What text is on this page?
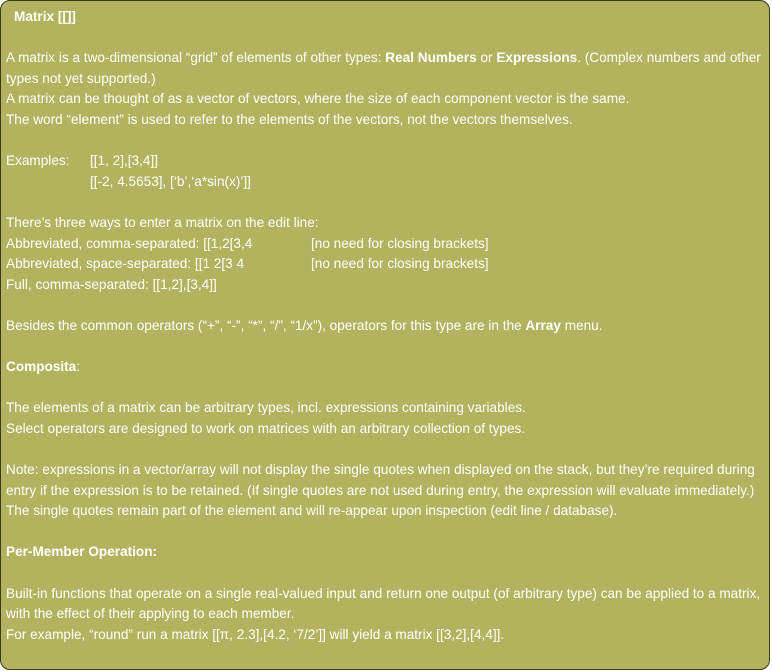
Matrix [[]]

A matrix is a two-dimensional “grid” of elements of other types: Real Numbers or Expressions. (Complex numbers and other types not yet supported.)

A matrix can be thought of as a vector of vectors, where the size of each component vector is the same.

The word “element” is used to refer to the elements of the vectors, not the vectors themselves.

Examples:	[[1, 2],[3,4]]
[[-2, 4.5653], [‘b’,‘a*sin(x)’]]

There’s three ways to enter a matrix on the edit line:

Abbreviated, comma-separated: [[1,2[3,4	[no need for closing brackets]
Abbreviated, space-separated: [[1 2[3 4	[no need for closing brackets]
Full, comma-separated: [[1,2],[3,4]]

Besides the common operators (“+”, “-”, “*”, “/”, “1/x”), operators for this type are in the Array menu.

Composita:

The elements of a matrix can be arbitrary types, incl. expressions containing variables.

Select operators are designed to work on matrices with an arbitrary collection of types.

Note: expressions in a vector/array will not display the single quotes when displayed on the stack, but they’re required during entry if the expression is to be retained. (If single quotes are not used during entry, the expression will evaluate immediately.) The single quotes remain part of the element and will re-appear upon inspection (edit line / database).

Per-Member Operation:

Built-in functions that operate on a single real-valued input and return one output (of arbitrary type) can be applied to a matrix, with the effect of their applying to each member.

For example, “round” run a matrix [[π, 2.3],[4.2, ‘7/2’]] will yield a matrix [[3,2],[4,4]].
